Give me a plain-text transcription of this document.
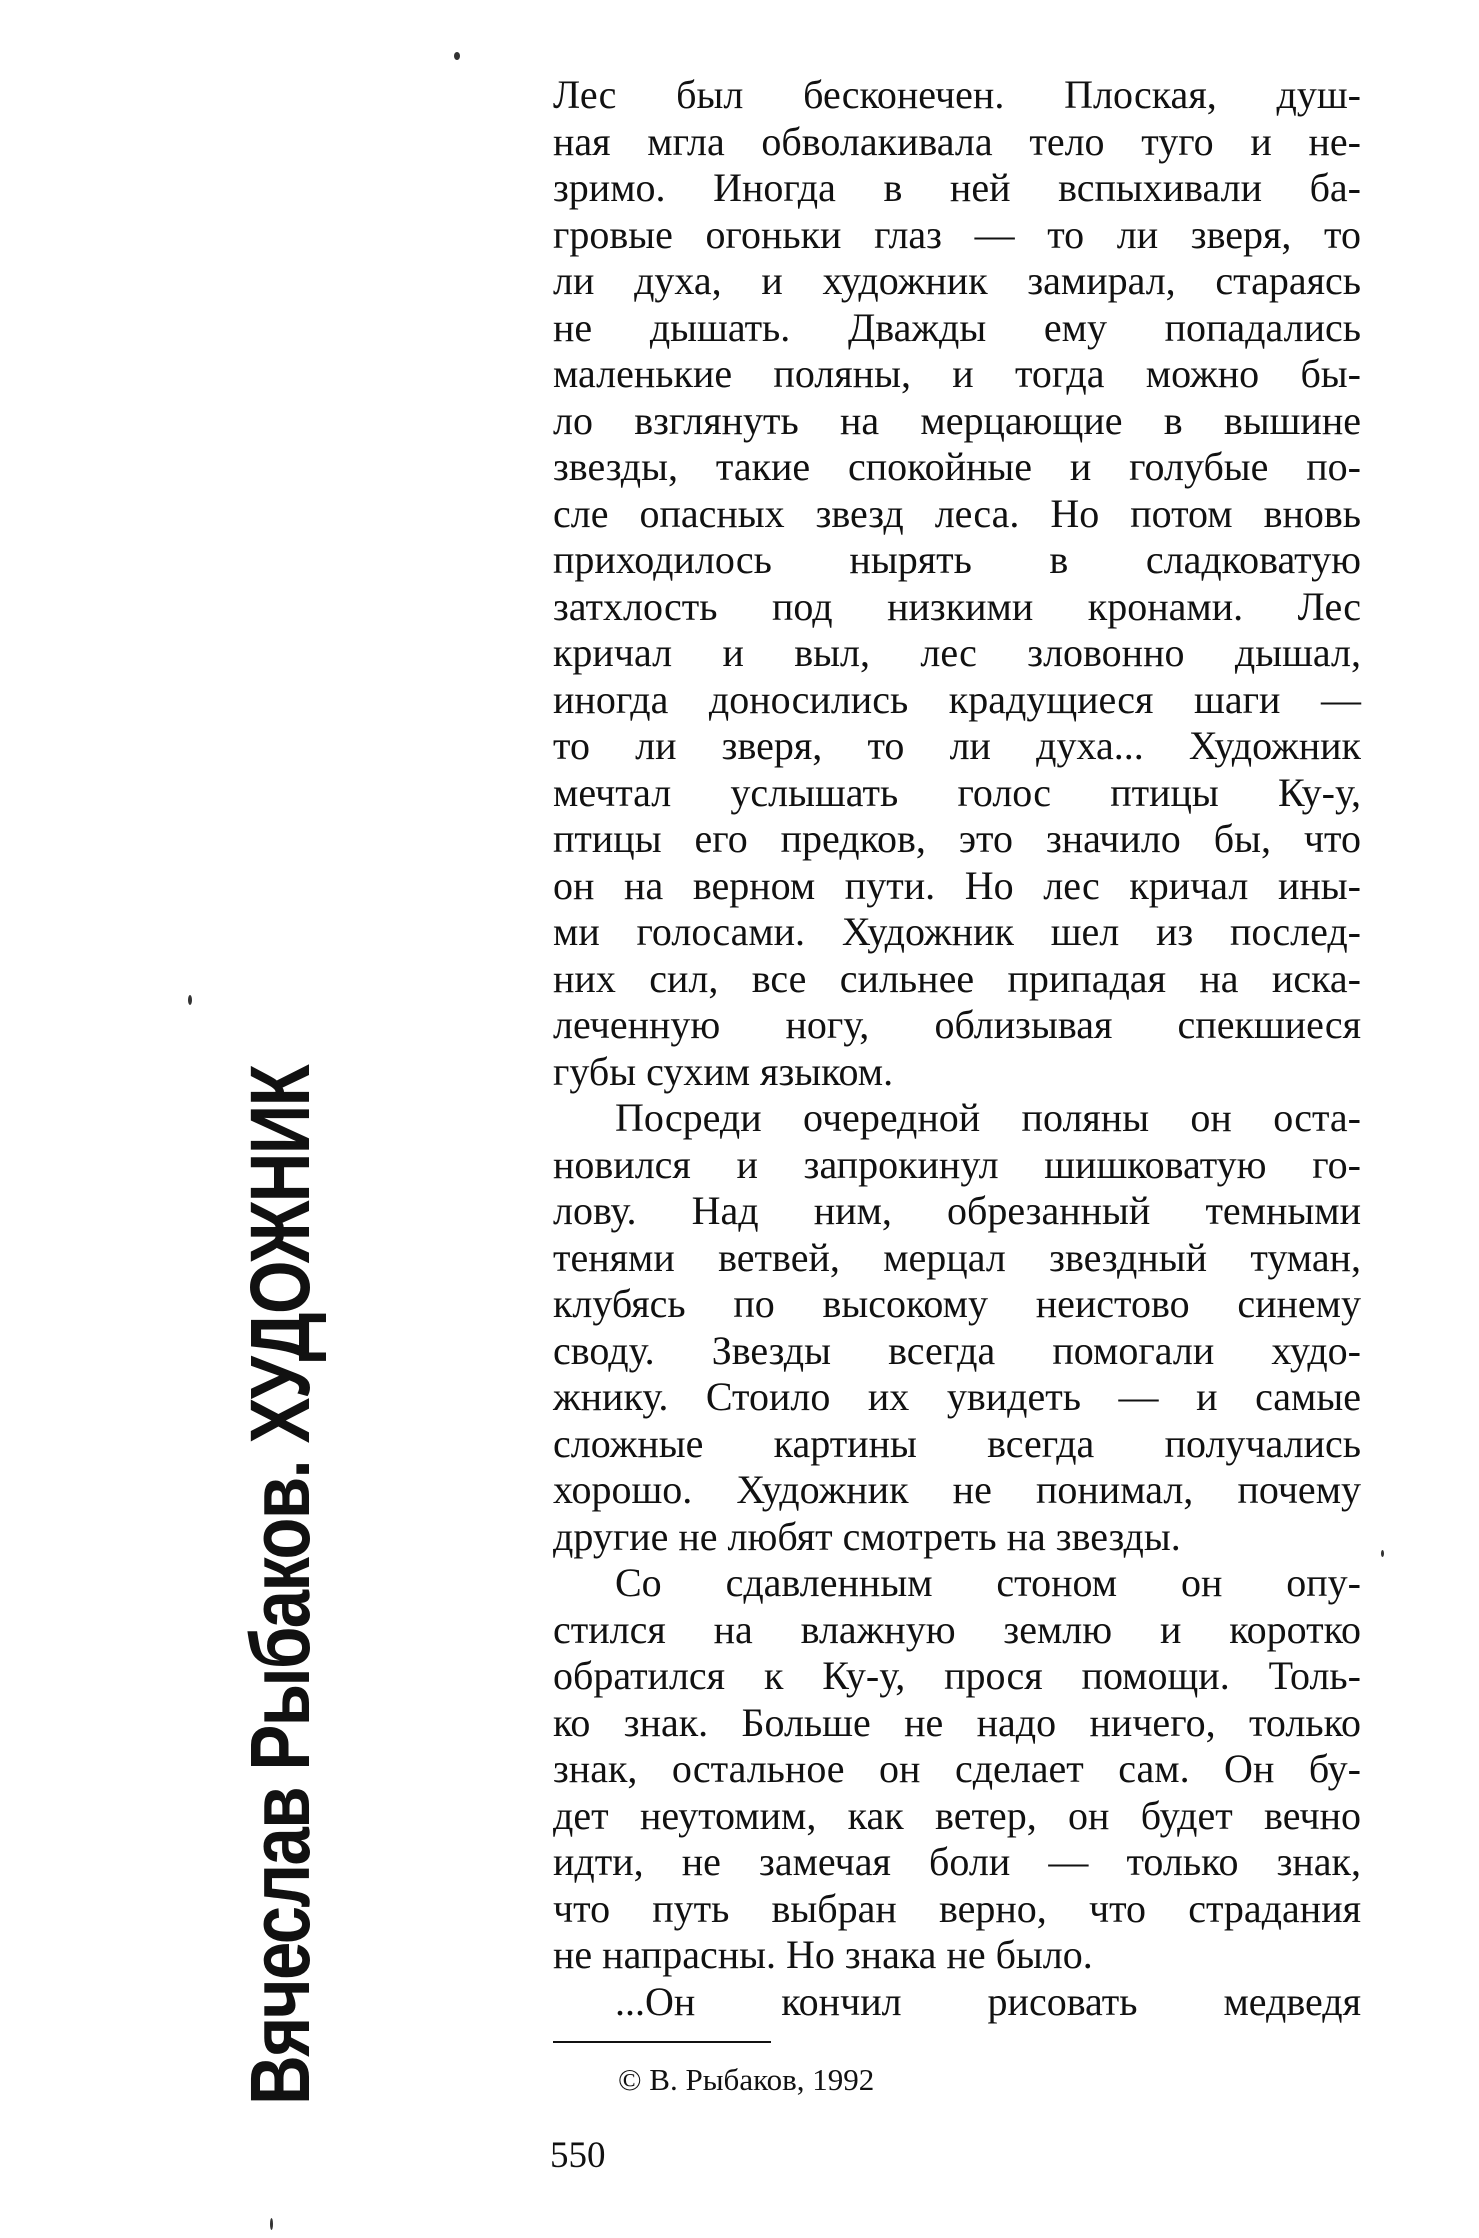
Вячеслав Рыбаков. ХУДОЖНИК
Лес был бесконечен. Плоская, душ-
ная мгла обволакивала тело туго и не-
зримо. Иногда в ней вспыхивали ба-
гровые огоньки глаз — то ли зверя, то
ли духа, и художник замирал, стараясь
не дышать. Дважды ему попадались
маленькие поляны, и тогда можно бы-
ло взглянуть на мерцающие в вышине
звезды, такие спокойные и голубые по-
сле опасных звезд леса. Но потом вновь
приходилось нырять в сладковатую
затхлость под низкими кронами. Лес
кричал и выл, лес зловонно дышал,
иногда доносились крадущиеся шаги —
то ли зверя, то ли духа... Художник
мечтал услышать голос птицы Ку-у,
птицы его предков, это значило бы, что
он на верном пути. Но лес кричал ины-
ми голосами. Художник шел из послед-
них сил, все сильнее припадая на иска-
леченную ногу, облизывая спекшиеся
губы сухим языком.
Посреди очередной поляны он оста-
новился и запрокинул шишковатую го-
лову. Над ним, обрезанный темными
тенями ветвей, мерцал звездный туман,
клубясь по высокому неистово синему
своду. Звезды всегда помогали худо-
жнику. Стоило их увидеть — и самые
сложные картины всегда получались
хорошо. Художник не понимал, почему
другие не любят смотреть на звезды.
Со сдавленным стоном он опу-
стился на влажную землю и коротко
обратился к Ку-у, прося помощи. Толь-
ко знак. Больше не надо ничего, только
знак, остальное он сделает сам. Он бу-
дет неутомим, как ветер, он будет вечно
идти, не замечая боли — только знак,
что путь выбран верно, что страдания
не напрасны. Но знака не было.
...Он кончил рисовать медведя
© В. Рыбаков, 1992
550
